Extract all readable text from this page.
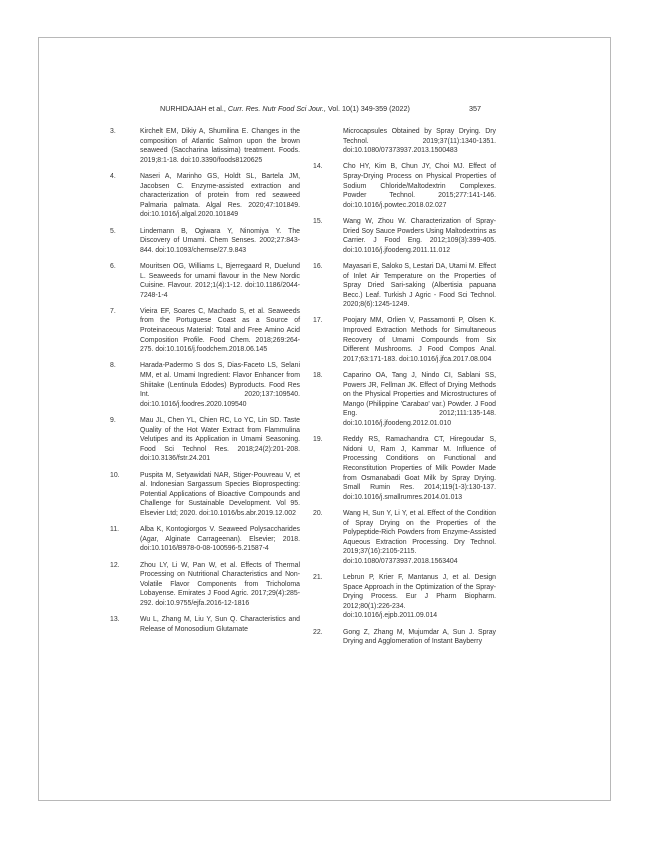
NURHIDAJAH et al., Curr. Res. Nutr Food Sci Jour., Vol. 10(1) 349-359 (2022)	357
3.	Kirchelt EM, Dikiy A, Shumilina E. Changes in the composition of Atlantic Salmon upon the brown seaweed (Saccharina latissima) treatment. Foods. 2019;8:1-18. doi:10.3390/foods8120625
4.	Naseri A, Marinho GS, Holdt SL, Bartela JM, Jacobsen C. Enzyme-assisted extraction and characterization of protein from red seaweed Palmaria palmata. Algal Res. 2020;47:101849. doi:10.1016/j.algal.2020.101849
5.	Lindemann B, Ogiwara Y, Ninomiya Y. The Discovery of Umami. Chem Senses. 2002;27:843-844. doi:10.1093/chemse/27.9.843
6.	Mouritsen OG, Williams L, Bjerregaard R, Duelund L. Seaweeds for umami flavour in the New Nordic Cuisine. Flavour. 2012;1(4):1-12. doi:10.1186/2044-7248-1-4
7.	Vieira EF, Soares C, Machado S, et al. Seaweeds from the Portuguese Coast as a Source of Proteinaceous Material: Total and Free Amino Acid Composition Profile. Food Chem. 2018;269:264-275. doi:10.1016/j.foodchem.2018.06.145
8.	Harada-Padermo S dos S, Dias-Faceto LS, Selani MM, et al. Umami Ingredient: Flavor Enhancer from Shiitake (Lentinula Edodes) Byproducts. Food Res Int. 2020;137:109540. doi:10.1016/j.foodres.2020.109540
9.	Mau JL, Chen YL, Chien RC, Lo YC, Lin SD. Taste Quality of the Hot Water Extract from Flammulina Velutipes and its Application in Umami Seasoning. Food Sci Technol Res. 2018;24(2):201-208. doi:10.3136/fstr.24.201
10.	Puspita M, Setyawidati NAR, Stiger-Pouvreau V, et al. Indonesian Sargassum Species Bioprospecting: Potential Applications of Bioactive Compounds and Challenge for Sustainable Development. Vol 95. Elsevier Ltd; 2020. doi:10.1016/bs.abr.2019.12.002
11.	Alba K, Kontogiorgos V. Seaweed Polysaccharides (Agar, Alginate Carrageenan). Elsevier; 2018. doi:10.1016/B978-0-08-100596-5.21587-4
12.	Zhou LY, Li W, Pan W, et al. Effects of Thermal Processing on Nutritional Characteristics and Non-Volatile Flavor Components from Tricholoma Lobayense. Emirates J Food Agric. 2017;29(4):285-292. doi:10.9755/ejfa.2016-12-1816
13.	Wu L, Zhang M, Liu Y, Sun Q. Characteristics and Release of Monosodium Glutamate
Microcapsules Obtained by Spray Drying. Dry Technol. 2019;37(11):1340-1351. doi:10.1080/07373937.2013.1500483
14.	Cho HY, Kim B, Chun JY, Choi MJ. Effect of Spray-Drying Process on Physical Properties of Sodium Chloride/Maltodextrin Complexes. Powder Technol. 2015;277:141-146. doi:10.1016/j.powtec.2018.02.027
15.	Wang W, Zhou W. Characterization of Spray-Dried Soy Sauce Powders Using Maltodextrins as Carrier. J Food Eng. 2012;109(3):399-405. doi:10.1016/j.jfoodeng.2011.11.012
16.	Mayasari E, Saloko S, Lestari DA, Utami M. Effect of Inlet Air Temperature on the Properties of Spray Dried Sari-saking (Albertisia papuana Becc.) Leaf. Turkish J Agric - Food Sci Technol. 2020;8(6):1245-1249.
17.	Poojary MM, Orlien V, Passamonti P, Olsen K. Improved Extraction Methods for Simultaneous Recovery of Umami Compounds from Six Different Mushrooms. J Food Compos Anal. 2017;63:171-183. doi:10.1016/j.jfca.2017.08.004
18.	Caparino OA, Tang J, Nindo CI, Sablani SS, Powers JR, Fellman JK. Effect of Drying Methods on the Physical Properties and Microstructures of Mango (Philippine 'Carabao' var.) Powder. J Food Eng. 2012;111:135-148. doi:10.1016/j.jfoodeng.2012.01.010
19.	Reddy RS, Ramachandra CT, Hiregoudar S, Nidoni U, Ram J, Kammar M. Influence of Processing Conditions on Functional and Reconstitution Properties of Milk Powder Made from Osmanabadi Goat Milk by Spray Drying. Small Rumin Res. 2014;119(1-3):130-137. doi:10.1016/j.smallrumres.2014.01.013
20.	Wang H, Sun Y, Li Y, et al. Effect of the Condition of Spray Drying on the Properties of the Polypeptide-Rich Powders from Enzyme-Assisted Aqueous Extraction Processing. Dry Technol. 2019;37(16):2105-2115. doi:10.1080/07373937.2018.1563404
21.	Lebrun P, Krier F, Mantanus J, et al. Design Space Approach in the Optimization of the Spray-Drying Process. Eur J Pharm Biopharm. 2012;80(1):226-234. doi:10.1016/j.ejpb.2011.09.014
22.	Gong Z, Zhang M, Mujumdar A, Sun J. Spray Drying and Agglomeration of Instant Bayberry
